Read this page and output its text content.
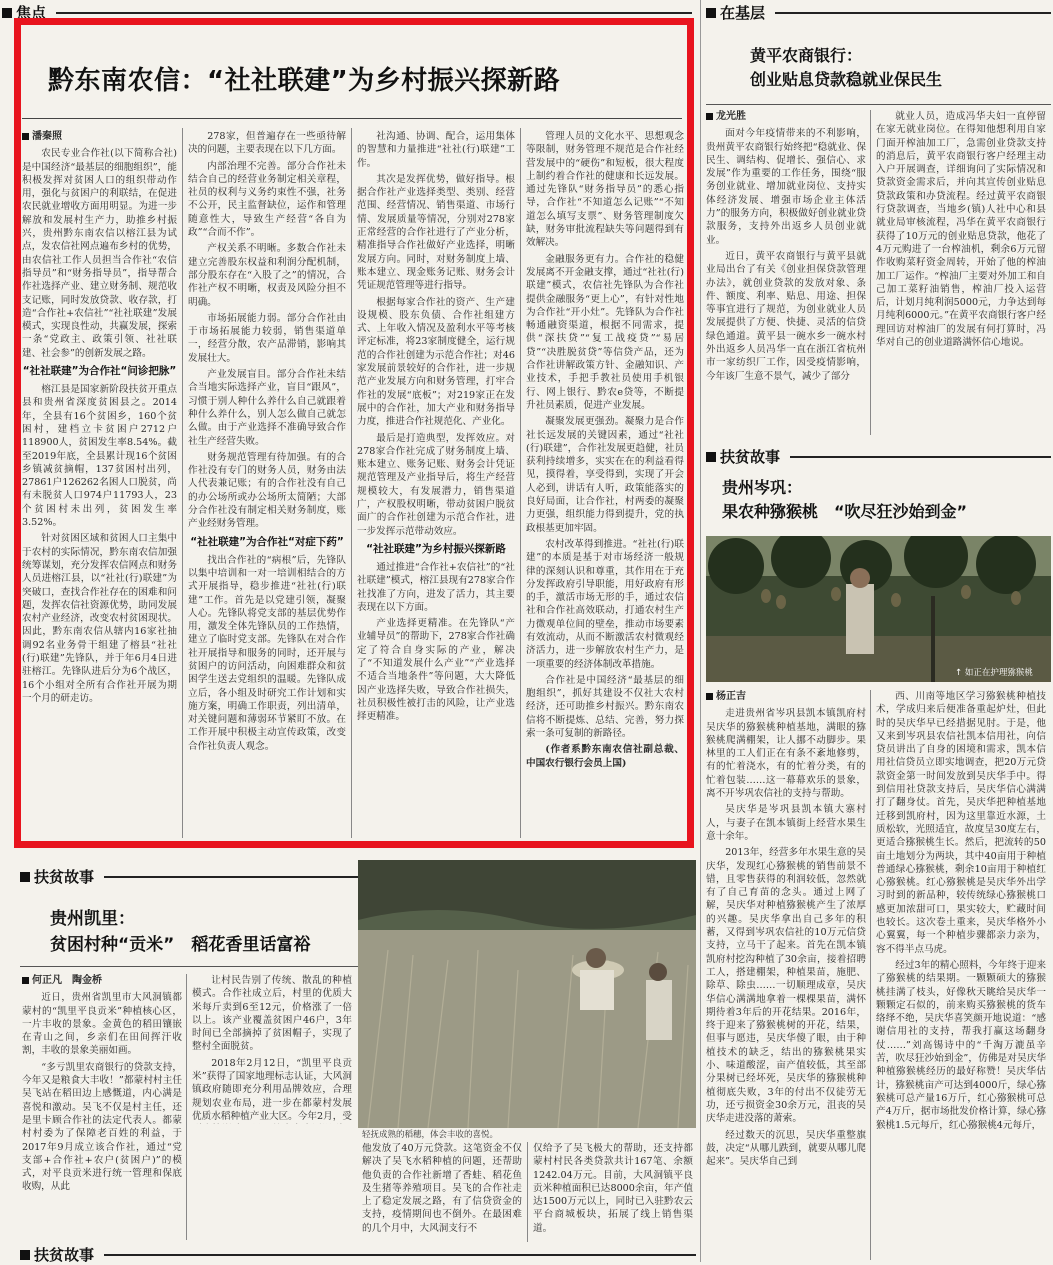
焦点	在基层
黔东南农信：“社社联建”为乡村振兴探新路
潘秦照

农民专业合作社(以下简称合社)是中国经济“最基层的细胞组织”，能积极发挥对贫困人口的组织带动作用，强化与贫困户的利联结，在促进农民就业增收方面用明显。为进一步解放和发展村生产力，助推乡村振兴，贵州黔东南农信以榕江县为试点，发农信社网点遍布乡村的优势，由农信社工作人员担当合作社“农信指导员”和“财务指导员”，指导帮合作社选择产业、建立财务制、规范收支记账，同时发放贷款、收存款，打造“合作社+农信社”“社社联建”发展模式，实现良性动，共赢发展，探索一条“党政主、政策引领、社社联建、社会参”的创新发展之路。

“社社联建”为合作社“问诊把脉”

榕江县是国家新阶段扶贫开重点县和贵州省深度贫困县之。2014年，全县有16个贫困乡，160个贫困村，建档立卡贫困户2712户118900人，贫困发生率8.54%。截至2019年底，全县累计现16个贫困乡镇减贫摘帽，137贫困村出列，27861户126262名困人口脱贫，尚有未脱贫人口974户11793人，23个贫困村未出列，贫困发生率3.52%。

针对贫困区域和贫困人口主集中于农村的实际情况，黔东南农信加强统筹谋划，充分发挥农信网点和财务人员进榕江县，以“社社(行)联建”为突破口，查找合作社存在的困难和问题，发挥农信社资源优势，助同发展农村产业经济，改变农村贫困现状。因此，黔东南农信从辖内16家社抽调92名业务骨干组建了榕县“社社(行)联建”先锋队，并于年6月4日进驻榕江。先锋队进后分为6个战区，16个小组对全所有合作社开展为期一个月的研走访。

278家，但普遍存在一些亟待解决的问题，主要表现在以下几方面。

内部治理不完善。部分合作社未结合自己的经营业务制定相关章程，社员的权利与义务约束性不强，社务不公开，民主监督缺位，运作和管理随意性大，导致生产经营“各自为政”“合而不作”。

产权关系不明晰。多数合作社未建立完善股东权益和利润分配机制，部分股东存在“入股了之”的情况，合作社产权不明晰，权责及风险分担不明确。

市场拓展能力弱。部分合作社由于市场拓展能力较弱，销售渠道单一，经营分散，农产品滞销，影响其发展壮大。

产业发展盲目。部分合作社未结合当地实际选择产业，盲目“跟风”，习惯于别人种什么养什么自己就跟着种什么养什么，别人怎么做自己就怎么做。由于产业选择不准确导致合作社生产经营失败。

财务规范管理有待加强。有的合作社没有专门的财务人员，财务由法人代表兼记账；有的合作社没有自己的办公场所或办公场所太简陋；大部分合作社没有制定相关财务制度，账产业经财务管理。

“社社联建”为合作社“对症下药”

找出合作社的“病根”后，先锋队以集中培训和一对一培训相结合的方式开展指导，稳步推进“社社(行)联建”工作。首先是以党建引领，凝聚人心。先锋队将党支部的基层优势作用，激发全体先锋队员的工作热情，建立了临时党支部。先锋队在对合作社开展指导和服务的同时，还开展与贫困户的访问活动，向困难群众和贫困学生送去党组织的温暖。先锋队成立后，各小组及时研究工作计划和实施方案，明确工作职责，列出清单，对关键问题和薄弱环节紧盯不放。在工作开展中积极主动宣传政策，改变合作社负责人观念。

社沟通、协调、配合，运用集体的智慧和力量推进“社社(行)联建”工作。

其次是发挥优势，做好指导。根据合作社产业选择类型、类别、经营范围、经营情况、销售渠道、市场行情、发展质量等情况，分别对278家正常经营的合作社进行了产业分析，精准指导合作社做好产业选择，明晰发展方向。同时，对财务制度上墙、账本建立、现金账务记账、财务会计凭证规范管理等进行指导。

根据每家合作社的资产、生产建设规模、股东负债、合作社组建方式、上年收入情况及盈利水平等考核评定标准，将23家制度健全，运行规范的合作社创建为示范合作社；对46家发展前景较好的合作社，进一步规范产业发展方向和财务管理，打牢合作社的发展“底板”；对219家正在发展中的合作社，加大产业和财务指导力度，推进合作社规范化、产业化。

最后是打造典型，发挥效应。对278家合作社完成了财务制度上墙、账本建立、账务记账、财务会计凭证规范管理及产业指导后，将生产经营规模较大，有发展潜力，销售渠道广，产权股权明晰，带动贫困户脱贫面广的合作社创建为示范合作社，进一步发挥示范带动效应。

“社社联建”为乡村振兴探新路

通过推进“合作社+农信社”的“社社联建”模式，榕江县现有278家合作社找准了方向，进发了活力，其主要表现在以下方面。

产业选择更精准。在先锋队“产业辅导员”的帮助下，278家合作社确定了符合自身实际的产业，解决了“不知道发展什么产业”“产业选择不适合当地条件”等问题，大大降低因产业选择失败，导致合作社损失，社员积极性被打击的风险，让产业选择更精准。

管理人员的文化水平、思想观念等限制，财务管理不规范是合作社经营发展中的“硬伤”和短板，很大程度上制约着合作社的健康和长远发展。通过先锋队“财务指导员”的悉心指导，合作社“不知道怎么记账”“不知道怎么填写支票”、财务管理制度欠缺，财务审批流程缺失等问题得到有效解决。

金融服务更有力。合作社的稳健发展离不开金融支撑，通过“社社(行)联建”模式，农信社先锋队为合作社提供金融服务“更上心”，有针对性地为合作社“开小灶”。先锋队为合作社畅通融资渠道，根据不同需求，提供“深扶贷”“复工战疫贷”“易居贷”“决胜脱贫贷”等信贷产品，还为合作社讲解政策方针、金融知识、产业技术，手把手教社员使用手机银行、网上银行、黔农e贷等，不断提升社员素质，促进产业发展。

凝聚发展更强劲。凝聚力是合作社长远发展的关键因素，通过“社社(行)联建”，合作社发展更趋健，社员获利持续增多，实实在在的利益看得见，摸得着，享受得到，实现了开会人必到，讲话有人听，政策能落实的良好局面，让合作社，村两委的凝聚力更强，组织能力得到提升，党的执政根基更加牢固。

农村改革得到推进。“社社(行)联建”的本质是基于对市场经济一般规律的深刻认识和尊重，其作用在于充分发挥政府引导职能，用好政府有形的手，激活市场无形的手，通过农信社和合作社高效联动，打通农村生产力微观单位间的壁垒，推动市场要素有效流动，从而不断激活农村微观经济活力，进一步解放农村生产力，是一项重要的经济体制改革措施。

合作社是中国经济“最基层的细胞组织”，抓好其建设不仅社大农村经济，还可助推乡村振兴。黔东南农信将不断提炼、总结、完善，努力探索一条可复制的新路径。

(作者系黔东南农信社副总裁、中国农行银行会员上国)

黄平农商银行：
创业贴息贷款稳就业保民生
龙光胜

面对今年疫情带来的不利影响，贵州黄平农商银行始终把“稳就业、保民生、调结构、促增长、强信心、求发展”作为重要的工作任务，围绕“服务创业就业、增加就业岗位、支持实体经济发展、增强市场企业主体活力”的服务方向，积极做好创业就业贷款服务，支持外出返乡人员创业就业。

近日，黄平农商银行与黄平县就业局出台了有关《创业担保贷款管理办法》，就创业贷款的发放对象、条件、额度、利率、贴息、用途、担保等事宜进行了规范，为创业就业人员发展提供了方便、快捷、灵活的信贷绿色通道。黄平县一碗水乡一碗水村外出返乡人员冯华一直在浙江省杭州市一家纺织厂工作，因受疫情影响，今年该厂生意不景气，减少了部分

就业人员，造成冯华夫妇一直停留在家无就业岗位。在得知他想利用自家门面开榨油加工厂，急需创业贷款支持的消息后，黄平农商银行客户经理主动入户开展调查，详细询问了实际情况和贷款资金需求后，并向其宣传创业贴息贷款政策和办贷流程。经过黄平农商银行贷款调查，当地乡(镇)人社中心和县就业局审核流程，冯华在黄平农商银行获得了10万元的创业贴息贷款，他花了4万元购进了一台榨油机，剩余6万元留作收购菜籽资金周转，开始了他的榨油加工厂运作。“榨油厂主要对外加工和自己加工菜籽油销售，榨油厂投入运营后，计划月纯利润5000元，力争达到每月纯利6000元。”在黄平农商银行客户经理回访对榨油厂的发展有何打算时，冯华对自己的创业道路满怀信心地说。

扶贫故事
贵州岑巩：
果农种猕猴桃　“吹尽狂沙始到金”
↑ 如正在护理猕猴桃
杨正吉

走进贵州省岑巩县凯本镇凯府村吴庆华的猕猴桃种植基地，满眼的猕猴桃爬满棚架，让人挪不动脚步。果林里的工人们正在有条不紊地修剪，有的忙着浇水，有的忙着分类，有的忙着包装……这一幕幕欢乐的景象，离不开岑巩农信社的支持与帮助。

吴庆华是岑巩县凯本镇大寨村人，与妻子在凯本镇街上经营水果生意十余年。

2013年，经营多年水果生意的吴庆华，发现红心猕猴桃的销售前景不错，且零售获得的利润较低，忽然就有了自己育苗的念头。通过上网了解，吴庆华对种植猕猴桃产生了浓厚的兴趣。吴庆华拿出自己多年的积蓄，又得到岑巩农信社的10万元信贷支持，立马干了起来。首先在凯本镇凯府村挖沟种植了30余亩，接着招聘工人，搭建棚架，种植果苗，施肥、除草、除虫……一切顺理成章，吴庆华信心满满地拿着一棵棵果苗，满怀期待着3年后的开花结果。2016年，终于迎来了猕猴桃树的开花，结果，但事与愿违，吴庆华傻了眼，由于种植技术的缺乏，结出的猕猴桃果实小、味道酸涩，亩产值较低，其至部分果树已经坏死，吴庆华的猕猴桃种植彻底失败，3年的付出不仅徒劳无功，还亏损资金30余万元，沮丧的吴庆华走进没落的萧索。

经过数天的沉思，吴庆华重整旗鼓，决定“从哪儿跌到，就要从哪儿爬起来”。吴庆华自己到

西、川南等地区学习猕猴桃种植技术，学成归来后便准备重起炉灶，但此时的吴庆华早已经措据见肘。于是，他又来到岑巩县农信社凯本信用社，向信贷员讲出了自身的困境和需求，凯本信用社信贷员立即实地调查，把20万元贷款资金第一时间发放到吴庆华手中。得到信用社贷款支持后，吴庆华信心满满打了翻身仗。首先，吴庆华把种植基地迁移到凯府村，因为这里靠近水源，土质松软，光照适宜，故度呈30度左右，更适合猕猴桃生长。然后，把流转的50亩土地划分为两块，其中40亩用于种植普通绿心猕猴桃，剩余10亩用于种植红心猕猴桃。红心猕猴桃是吴庆华外出学习时到的新品种，较传统绿心猕猴桃口感更加浓甜可口，果实较大，贮藏时间也较长。这次卷土重来，吴庆华格外小心翼翼，每一个种植步骤都亲力亲为，容不得半点马虎。

经过3年的精心照料，今年终于迎来了猕猴桃的结果期。一颗颗硕大的猕猴桃挂满了枝头，好像秋天眺给吴庆华一颗颗定石似的，前来购买猕猴桃的货车络绎不绝，吴庆华喜笑颜开地说道：“感谢信用社的支持，帮我打赢这场翻身仗……”刘高锡诗中的“千淘万漉虽辛苦，吹尽狂沙始到金”，仿佛是对吴庆华种植猕猴桃经历的最好称赞！吴庆华估计，猕猴桃亩产可达到4000斤，绿心猕猴桃可总产量16万斤，红心猕猴桃可总产4万斤，据市场批发价格计算，绿心猕猴桃1.5元每斤，红心猕猴桃4元每斤，

扶贫故事
贵州凯里：
贫困村种“贡米”　稻花香里话富裕
何正凡　陶金桥

近日，贵州省凯里市大风洞镇都蒙村的“凯里平良贡米”种植核心区，一片丰收的景象。金黄色的稻田镶嵌在青山之间，乡亲们在田间挥汗收割，丰收的景象美丽如画。

“多亏凯里农商银行的贷款支持，今年又是粮食大丰收！”都蒙村村主任吴飞站在稻田边上感慨道，内心满是喜悦和激动。吴飞不仅是村主任，还是里卡顾合作社的法定代表人。都蒙村村委为了保障老百姓的利益，于2017年9月成立该合作社，通过“党支部+合作社+农户(贫困户)”的模式，对平良贡米进行统一管理和保底收购，从此

让村民告别了传统、散乱的种植模式。合作社成立后，村里的优质大米每斤卖到6至12元，价格涨了一倍以上。该产业覆盖贫困户46户，3年时间已全部摘掉了贫困帽子，实现了整村全面脱贫。

2018年2月12日，“凯里平良贡米”获得了国家地理标志认证，大风洞镇政府随即充分利用品牌效应，合理规划农业布局，进一步在都蒙村发展优质水稻种植产业大区。今年2月，受

轻抚成熟的稻穗，体会丰收的喜悦。

他发放了40万元贷款。这笔资金不仅解决了吴飞水稻种植的问题，还帮助他负责的合作社新增了香蛙、稻花鱼及生猪等养殖项目。吴飞的合作社走上了稳定发展之路，有了信贷资金的支持，疫情期间也不倒外。在最困难的几个月中，大风洞支行不

仅给予了吴飞极大的帮助，还支持都蒙村村民各类贷款共计167笔、余额1242.04万元。目前，大风洞镇平良贡米种植面积已达8000余亩，年产值达1500万元以上，同时已入驻黔农云平台商城板块，拓展了线上销售渠道。

扶贫故事
